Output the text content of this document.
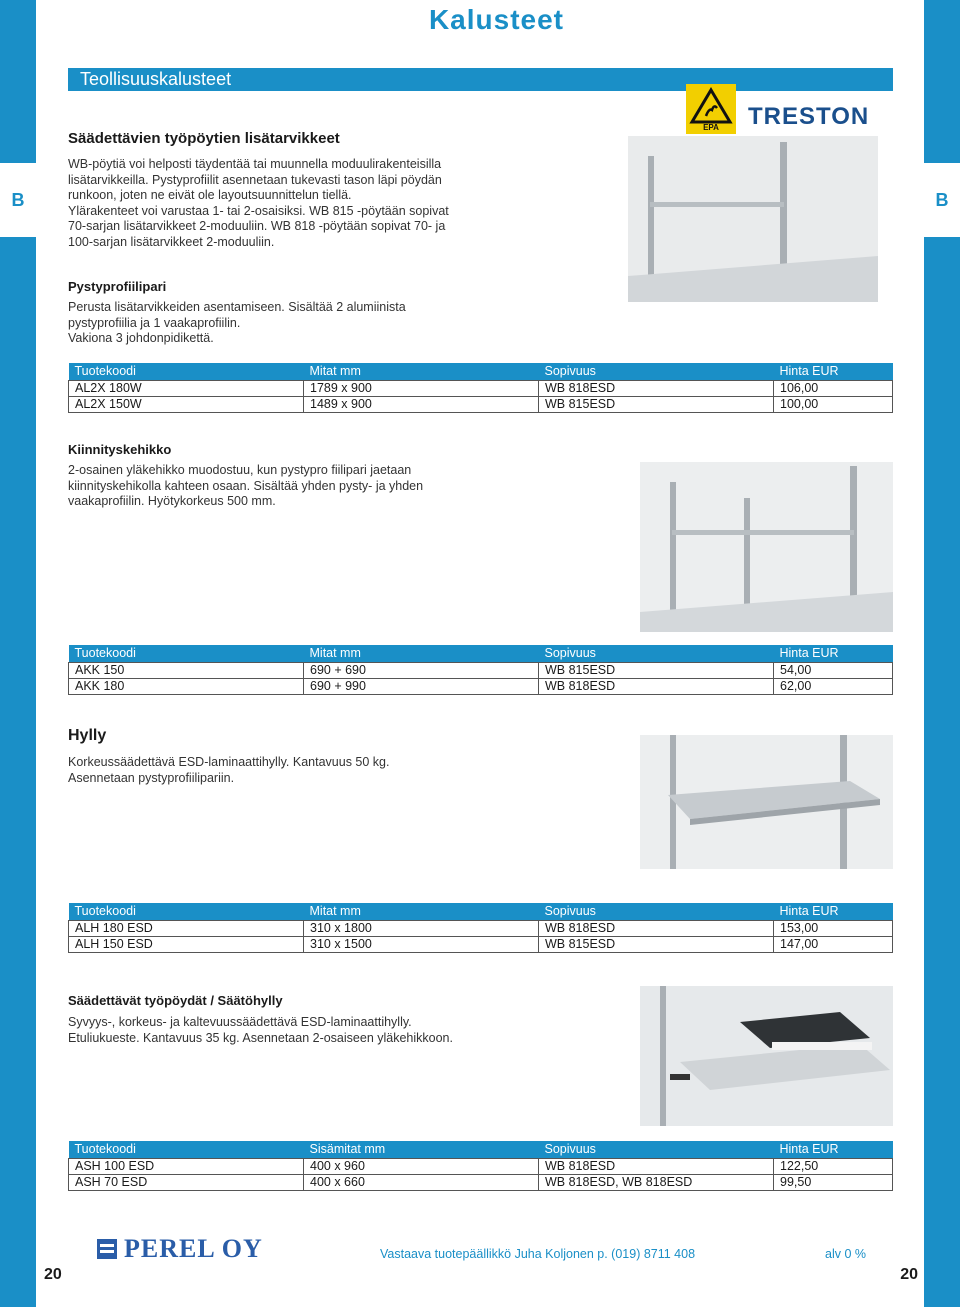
B	B
20	20
Kalusteet
Teollisuuskalusteet
Säädettävien työpöytien lisätarvikkeet
WB-pöytiä voi helposti täydentää tai muunnella moduulirakenteisilla
lisätarvikkeilla. Pystyprofiilit asennetaan tukevasti tason läpi pöydän
runkoon, joten ne eivät ole layoutsuunnittelun tiellä.
Ylärakenteet voi varustaa 1- tai 2-osaisiksi. WB 815 -pöytään sopivat
70-sarjan lisätarvikkeet 2-moduuliin. WB 818 -pöytään sopivat 70- ja
100-sarjan lisätarvikkeet 2-moduuliin.
EPA	TRESTON
Pystyprofiilipari
Perusta lisätarvikkeiden asentamiseen. Sisältää 2 alumiinista
pystyprofiilia ja 1 vaakaprofiilin.
Vakiona 3 johdonpidikettä.
Tuotekoodi	Mitat mm	Sopivuus	Hinta EUR
AL2X 180W	1789 x 900	WB 818ESD	106,00
AL2X 150W	1489 x 900	WB 815ESD	100,00
Kiinnityskehikko
2-osainen yläkehikko muodostuu, kun pystypro fiilipari jaetaan
kiinnityskehikolla kahteen osaan. Sisältää yhden pysty- ja yhden
vaakaprofiilin. Hyötykorkeus 500 mm.
Tuotekoodi	Mitat mm	Sopivuus	Hinta EUR
AKK 150	690 + 690	WB 815ESD	54,00
AKK 180	690 + 990	WB 818ESD	62,00
Hylly
Korkeussäädettävä ESD-laminaattihylly. Kantavuus 50 kg.
Asennetaan pystyprofiilipariin.
Tuotekoodi	Mitat mm	Sopivuus	Hinta EUR
ALH 180 ESD	310 x 1800	WB 818ESD	153,00
ALH 150 ESD	310 x 1500	WB 815ESD	147,00
Säädettävät työpöydät / Säätöhylly
Syvyys-, korkeus- ja kaltevuussäädettävä ESD-laminaattihylly.
Etuliukueste. Kantavuus 35 kg. Asennetaan 2-osaiseen yläkehikkoon.
Tuotekoodi	Sisämitat mm	Sopivuus	Hinta EUR
ASH 100 ESD	400 x 960	WB 818ESD	122,50
ASH 70 ESD	400 x 660	WB 818ESD, WB 818ESD	99,50
PEREL OY	Vastaava tuotepäällikkö Juha Koljonen p. (019) 8711 408	alv 0 %
